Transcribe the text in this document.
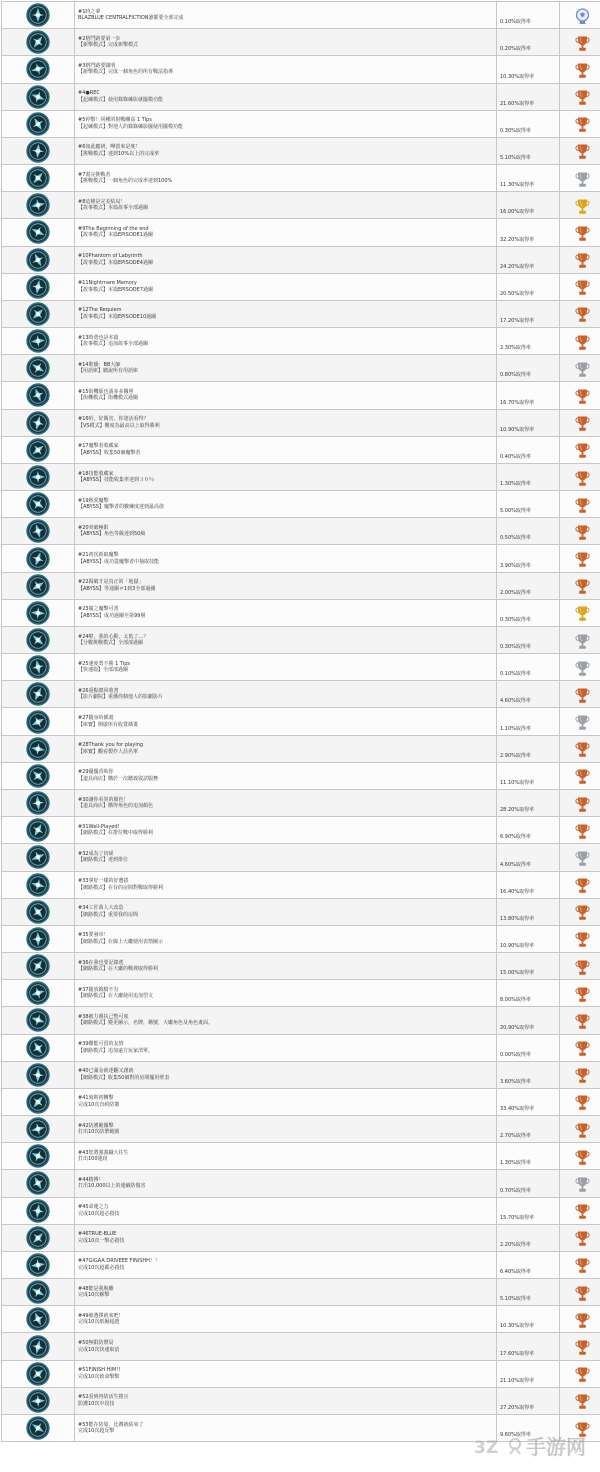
#1時之夢
BLAZBLUE CENTRALFICTION誰都要全部完成	0.10%取得率

#2格鬥路要第一步
【新擊模式】完成新擊模式	0.20%取得率

#3格鬥路要闊明
【新擊模式】完成一個角色的所有戰法指導	10.30%取得率

#4●REC
【起練模式】使用錄錄練影就擺模功能	21.60%取得率

#5停擊！同種的射戰嘲高 1 Tips
【起練模式】對他人的錄錄練影擺使用擺模功能	0.30%取得率

#6如此龐研，嘩當來是度！
【挑戰模式】達到10%以上的完成率	5.10%取得率

#7畫完挑戰者
【挑戰模式】一個角色的完成率達到100%	11.30%取得率

#8這條是完美結局！
【故事模式】本篇故事全部過關	16.00%取得率

#9The Beginning of the end
【故事模式】本篇EPISODE1過關	32.20%取得率

#10Phantom of Labyrinth
【故事模式】本篇EPISODE4過關	24.20%取得率

#11Nightmare Memory
【故事模式】本篇EPISODE7過關	20.50%取得率

#12The Requiem
【故事模式】本篇EPISODE10過關	17.20%取得率

#13時勇也是本篇
【故事模式】追加故事全部過關	2.30%取得率

#14歌播：BB大師
【用語庫】聽說所有用語庫	0.80%取得率

#15街機版也請多多關照
【街機模式】街機模式過關	16.70%取得率

#16哈，好厲害，你逢活看得？
【VS模式】難度為最高以上取得勝利	10.90%取得率

#17魔擊者收藏家
【ABYSS】收集50個魔擊者	0.40%取得率

#18技能收藏家
【ABYSS】技能收集率達到３０％	1.30%取得率

#19熱愛魔擊
【ABYSS】魔擊者的數練度達到最高值	5.00%取得率

#20突破極限
【ABYSS】角色等級達到50級	0.50%取得率

#21初次新取魔擊
【ABYSS】成功從魔擊者中抽取技能	3.90%取得率

#22揭破才是真正的「地獄」
【ABYSS】等通關＃1到3全部過關	2.00%取得率

#23廣之魔擊可善
【ABYSS】成功過關至第99層	0.30%取得率

#24啦，我的心動，太低了…？
【分數挑戰模式】全部部過關	0.30%取得率

#25速度勇不勝 1 Tips
【快速篇】全部部過關	0.10%取得率

#26重點總回收書
【影片劇院】重播你個他人的影劇影片	4.60%取得率

#27隨身的插畫
【庫寶】開啟所有收賞插畫	1.10%取得率

#28Thank you for playing
【庫寶】觀看製作人員名單	2.90%取得率

#29優優香臥你
【道具商店】購於一次聽義敘試服務	11.10%取得率

#30讓你看異的顏色！
【道具商店】購得角色的追加顏色	28.20%取得率

#31Well-Played!
【網路模式】在排位戰中取得勝利	6.90%取得率

#32成為了切磋
【網路模式】達到排位	4.60%取得率

#33拿好一樣的好選拔
【網路模式】在有的房間對戰取得勝利	16.40%取得率

#34工匠萬人大改造
【網路模式】重要我的房間	13.80%取得率

#35要發章！
【網路模式】在線上大廳使用表情圖示	10.90%取得率

#36在我也要記錄逃
【網路模式】在大廳的戰裡取得勝利	15.00%取得率

#37隨放鏡騎不有
【網路模式】在大廳使用追加型文	8.00%取得率

#38被力圓扶己整可度
【網路模式】變更圖示，名牌，稱號，大廳角色及角色畫面。	20.90%取得率

#39難能可貴的友情
【網路模式】追加遠方玩家清單。	0.00%取得率

#40已滿金就達翻又創就
【網路模式】收集50個對的房間擺用壁表	3.60%取得率

#41刻則初轉擊
完成10次直約防衛	33.40%取得率

#42防護範據擊
打出10次防禦範圍	2.70%取得率

#43您將強義職大往生
打出100連段	1.30%取得率

#44精搏！
打出10,000以上的連續防傷害	0.70%取得率

#45命運之力
完成10次超必殺技	15.70%取得率

#46TRUE-BLUE
完成10次一擊必殺技	2.20%取得率

#47GIGAA DRIVEEE FINISHH！！
完成10次超載必殺技	6.40%取得率

#48能是我脫離
完成10次解擊	5.10%取得率

#49被選擇就來吧！
完成10次紙擬超越	10.30%取得率

#50無限防禦局
完成10次快速取消	17.60%取得率

#51FINISH HIM!!
完成10次致命擊擊	21.10%取得率

#52看到再防活生捲且
防護10次中段技	27.20%取得率

#53能在防靠，比賽就結束了
完成10次超反擊	9.60%取得率

3 Z 手游网
